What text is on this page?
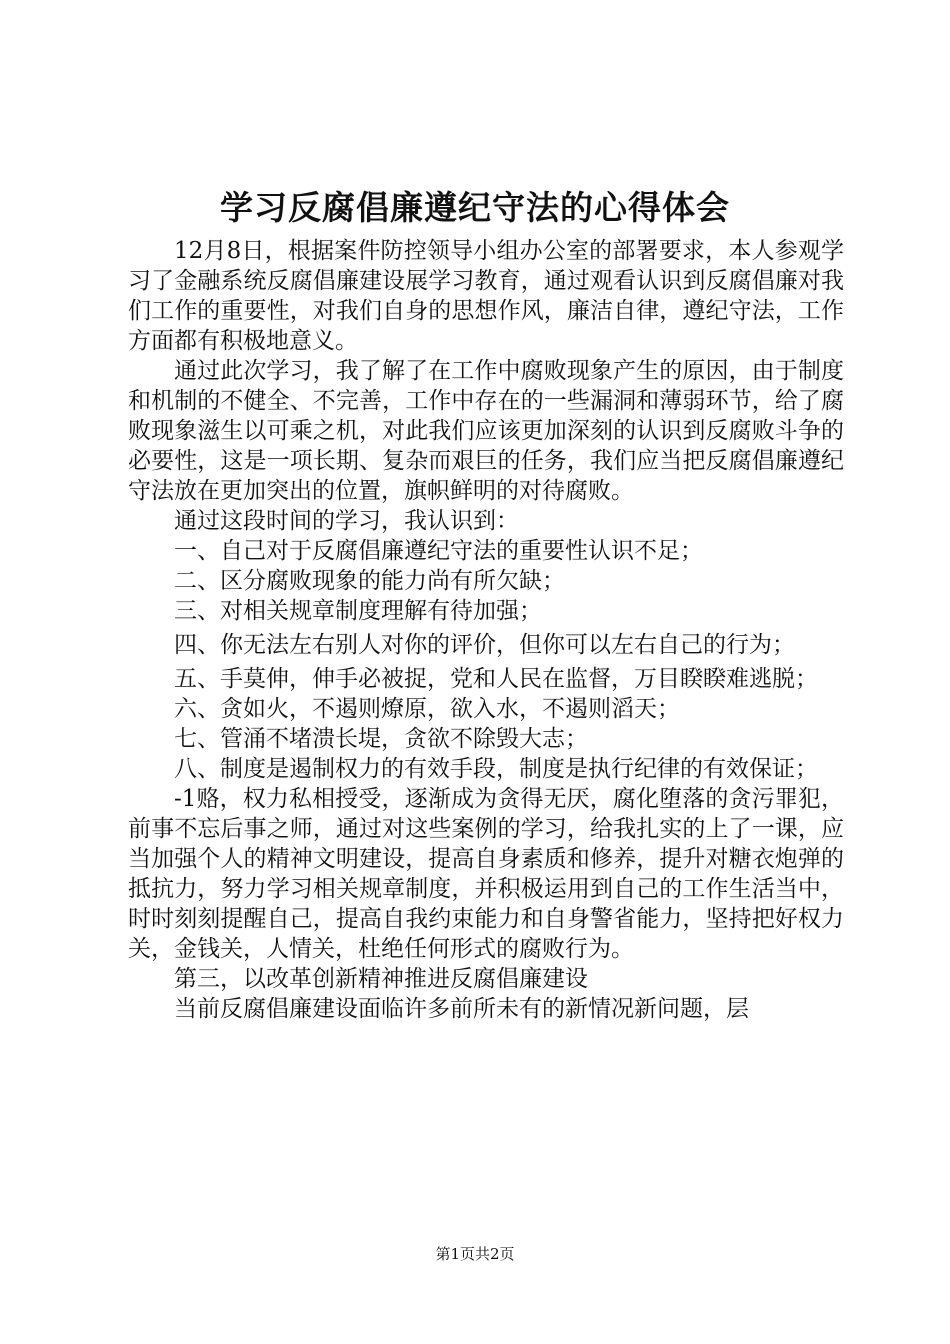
学习反腐倡廉遵纪守法的心得体会

12月8日，根据案件防控领导小组办公室的部署要求，本人参观学习了金融系统反腐倡廉建设展学习教育，通过观看认识到反腐倡廉对我们工作的重要性，对我们自身的思想作风，廉洁自律，遵纪守法，工作方面都有积极地意义。

通过此次学习，我了解了在工作中腐败现象产生的原因，由于制度和机制的不健全、不完善，工作中存在的一些漏洞和薄弱环节，给了腐败现象滋生以可乘之机，对此我们应该更加深刻的认识到反腐败斗争的必要性，这是一项长期、复杂而艰巨的任务，我们应当把反腐倡廉遵纪守法放在更加突出的位置，旗帜鲜明的对待腐败。

通过这段时间的学习，我认识到：

一、自己对于反腐倡廉遵纪守法的重要性认识不足；

二、区分腐败现象的能力尚有所欠缺；

三、对相关规章制度理解有待加强；

四、你无法左右别人对你的评价，但你可以左右自己的行为；

五、手莫伸，伸手必被捉，党和人民在监督，万目睽睽难逃脱；

六、贪如火，不遏则燎原，欲入水，不遏则滔天；

七、管涌不堵溃长堤，贪欲不除毁大志；

八、制度是遏制权力的有效手段，制度是执行纪律的有效保证；

-1赂，权力私相授受，逐渐成为贪得无厌，腐化堕落的贪污罪犯，前事不忘后事之师，通过对这些案例的学习，给我扎实的上了一课，应当加强个人的精神文明建设，提高自身素质和修养，提升对糖衣炮弹的抵抗力，努力学习相关规章制度，并积极运用到自己的工作生活当中，时时刻刻提醒自己，提高自我约束能力和自身警省能力，坚持把好权力关，金钱关，人情关，杜绝任何形式的腐败行为。

第三，以改革创新精神推进反腐倡廉建设

当前反腐倡廉建设面临许多前所未有的新情况新问题，层

第1页共2页
